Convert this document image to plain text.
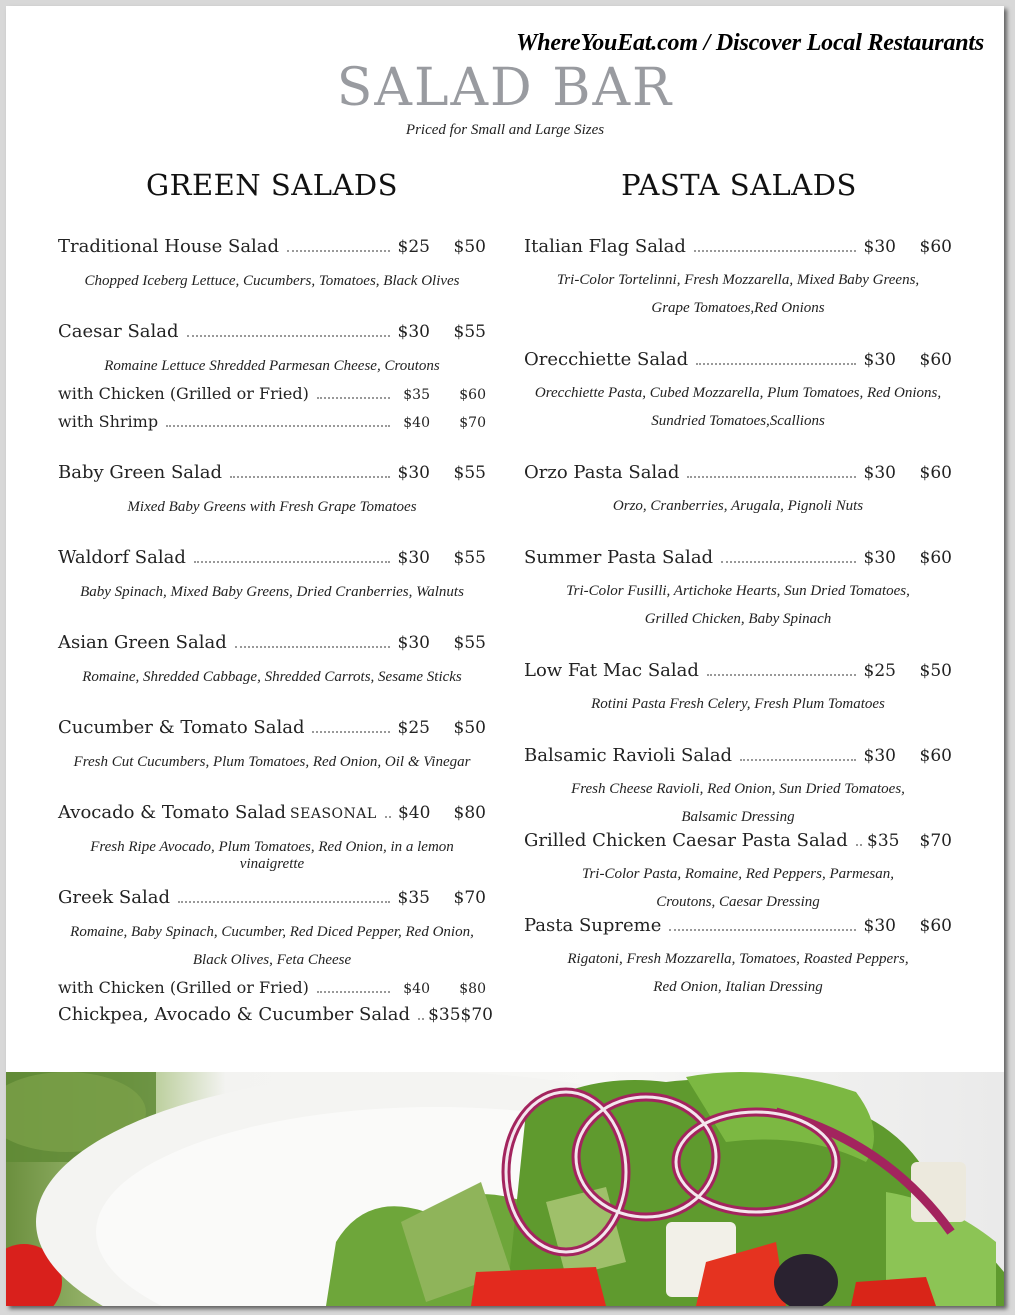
WhereYouEat.com / Discover Local Restaurants
SALAD BAR
Priced for Small and Large Sizes
GREEN SALADS	PASTA SALADS
Traditional House Salad	$25	$50
Chopped Iceberg Lettuce, Cucumbers, Tomatoes, Black Olives
Caesar Salad	$30	$55
Romaine Lettuce Shredded Parmesan Cheese, Croutons
with Chicken (Grilled or Fried)	$35	$60
with Shrimp	$40	$70
Baby Green Salad	$30	$55
Mixed Baby Greens with Fresh Grape Tomatoes
Waldorf Salad	$30	$55
Baby Spinach, Mixed Baby Greens, Dried Cranberries, Walnuts
Asian Green Salad	$30	$55
Romaine, Shredded Cabbage, Shredded Carrots, Sesame Sticks
Cucumber & Tomato Salad	$25	$50
Fresh Cut Cucumbers, Plum Tomatoes, Red Onion, Oil & Vinegar
Avocado & Tomato Salad SEASONAL $40	$80
Fresh Ripe Avocado, Plum Tomatoes, Red Onion, in a lemon vinaigrette
Greek Salad	$35	$70
Romaine, Baby Spinach, Cucumber, Red Diced Pepper, Red Onion,
Black Olives, Feta Cheese
with Chicken (Grilled or Fried)	$40	$80
Chickpea, Avocado & Cucumber Salad $35 $70
Italian Flag Salad	$30	$60
Tri-Color Tortelinni, Fresh Mozzarella, Mixed Baby Greens,
Grape Tomatoes,Red Onions
Orecchiette Salad	$30	$60
Orecchiette Pasta, Cubed Mozzarella, Plum Tomatoes, Red Onions,
Sundried Tomatoes,Scallions
Orzo Pasta Salad	$30	$60
Orzo, Cranberries, Arugala, Pignoli Nuts
Summer Pasta Salad	$30	$60
Tri-Color Fusilli, Artichoke Hearts, Sun Dried Tomatoes,
Grilled Chicken, Baby Spinach
Low Fat Mac Salad	$25	$50
Rotini Pasta Fresh Celery, Fresh Plum Tomatoes
Balsamic Ravioli Salad	$30	$60
Fresh Cheese Ravioli, Red Onion, Sun Dried Tomatoes,
Balsamic Dressing
Grilled Chicken Caesar Pasta Salad $35	$70
Tri-Color Pasta, Romaine, Red Peppers, Parmesan,
Croutons, Caesar Dressing
Pasta Supreme	$30	$60
Rigatoni, Fresh Mozzarella, Tomatoes, Roasted Peppers,
Red Onion, Italian Dressing
